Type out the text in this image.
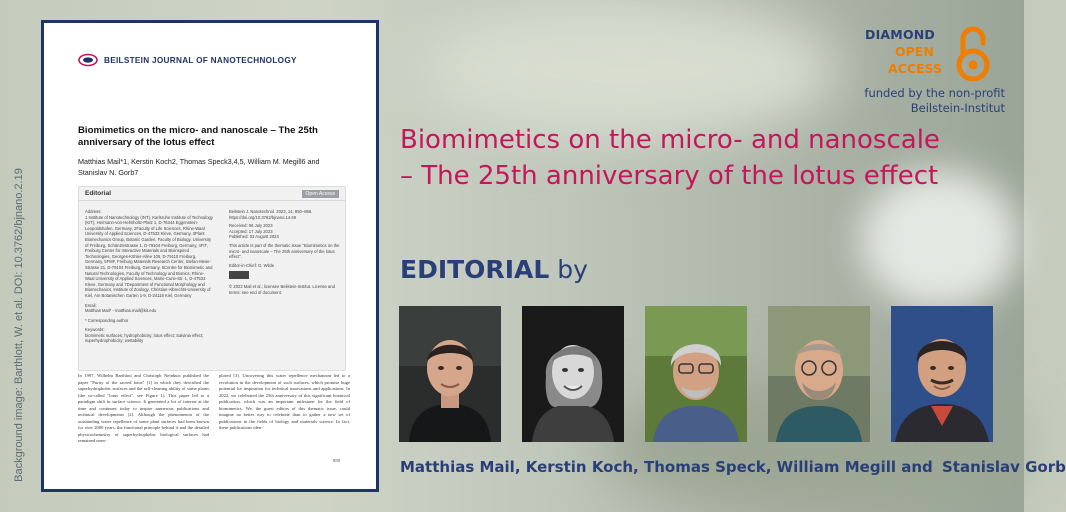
Background image: Barthlott, W. et al. DOI: 10.3762/bjnano.2.19
BEILSTEIN JOURNAL OF NANOTECHNOLOGY
Biomimetics on the micro- and nanoscale – The 25th anniversary of the lotus effect
Matthias Mail*1, Kerstin Koch2, Thomas Speck3,4,5, William M. Megill6 and Stanislav N. Gorb7
Editorial	Open Access
Address:
1 Institute of Nanotechnology (INT), Karlsruhe Institute of Technology (KIT), Hermann-von-Helmholtz-Platz 1, D-76344 Eggenstein-Leopoldshafen, Germany, 2Faculty of Life Sciences, Rhine-Waal University of Applied Sciences, D-47533 Kleve, Germany, 3Plant Biomechanics Group, Botanic Garden, Faculty of Biology, University of Freiburg, Schänzlestrasse 1, D-79104 Freiburg, Germany, 4FIT, Freiburg Center for Interactive Materials and Bioinspired Technologies, Georges-Köhler-Allee 105, D-79110 Freiburg, Germany, 5FMF, Freiburg Materials Research Center, Stefan-Meier-Strasse 21, D-79104 Freiburg, Germany, 6Centre for Biomimetic and Natural Technologies, Faculty of Technology and Bionics, Rhine-Waal University of Applied Sciences, Marie-Curie-Str. 1, D-47533 Kleve, Germany and 7Department of Functional Morphology and Biomechanics, Institute of Zoology, Christian-Albrechts-University of Kiel, Am Botanischen Garten 1-9, D-24118 Kiel, Germany
Email:
Matthias Mail* - matthias.mail@kit.edu
* Corresponding author
Keywords:
biomimetic surfaces; hydrophobicity; lotus effect; Salvinia effect; superhydrophobicity; wettability
Beilstein J. Nanotechnol. 2023, 14, 850–856.
https://doi.org/10.3762/bjnano.14.69
Received: 06 July 2023
Accepted: 17 July 2023
Published: 03 August 2023
This article is part of the thematic issue "Biomimetics on the micro- and nanoscale – The 25th anniversary of the lotus effect".
Editor-in-Chief: G. Wilde
© 2023 Mail et al.; licensee Beilstein-Institut. License and terms: see end of document.
In 1997, Wilhelm Barthlott and Christoph Neinhuis published the paper "Purity of the sacred lotus" [1] in which they described the superhydrophobic surfaces and the self-cleaning ability of some plants (the so-called "lotus effect", see Figure 1). This paper led to a paradigm shift in surface science. It generated a lot of interest at the time and continues today to inspire numerous publications and technical developments [2]. Although the phenomenon of the outstanding water repellence of some plant surfaces had been known for over 2000 years, the functional principle behind it and the detailed physicochemistry of superhydrophobic biological surfaces had remained unex-
plored [3]. Uncovering this water repellence mechanism led to a revolution in the development of such surfaces, which promise huge potential for inspiration for technical innovations and applications. In 2022, we celebrated the 25th anniversary of this significant botanical publication, which was an important milestone for the field of biomimetics. We, the guest editors of this thematic issue, could imagine no better way to celebrate than to gather a new set of publications in the fields of biology and materials science. In fact, these publications iden-
850
DIAMOND
OPEN
ACCESS
funded by the non-profit
Beilstein-Institut
Biomimetics on the micro- and nanoscale – The 25th anniversary of the lotus effect
EDITORIAL by
Matthias Mail, Kerstin Koch, Thomas Speck, William Megill and Stanislav Gorb
